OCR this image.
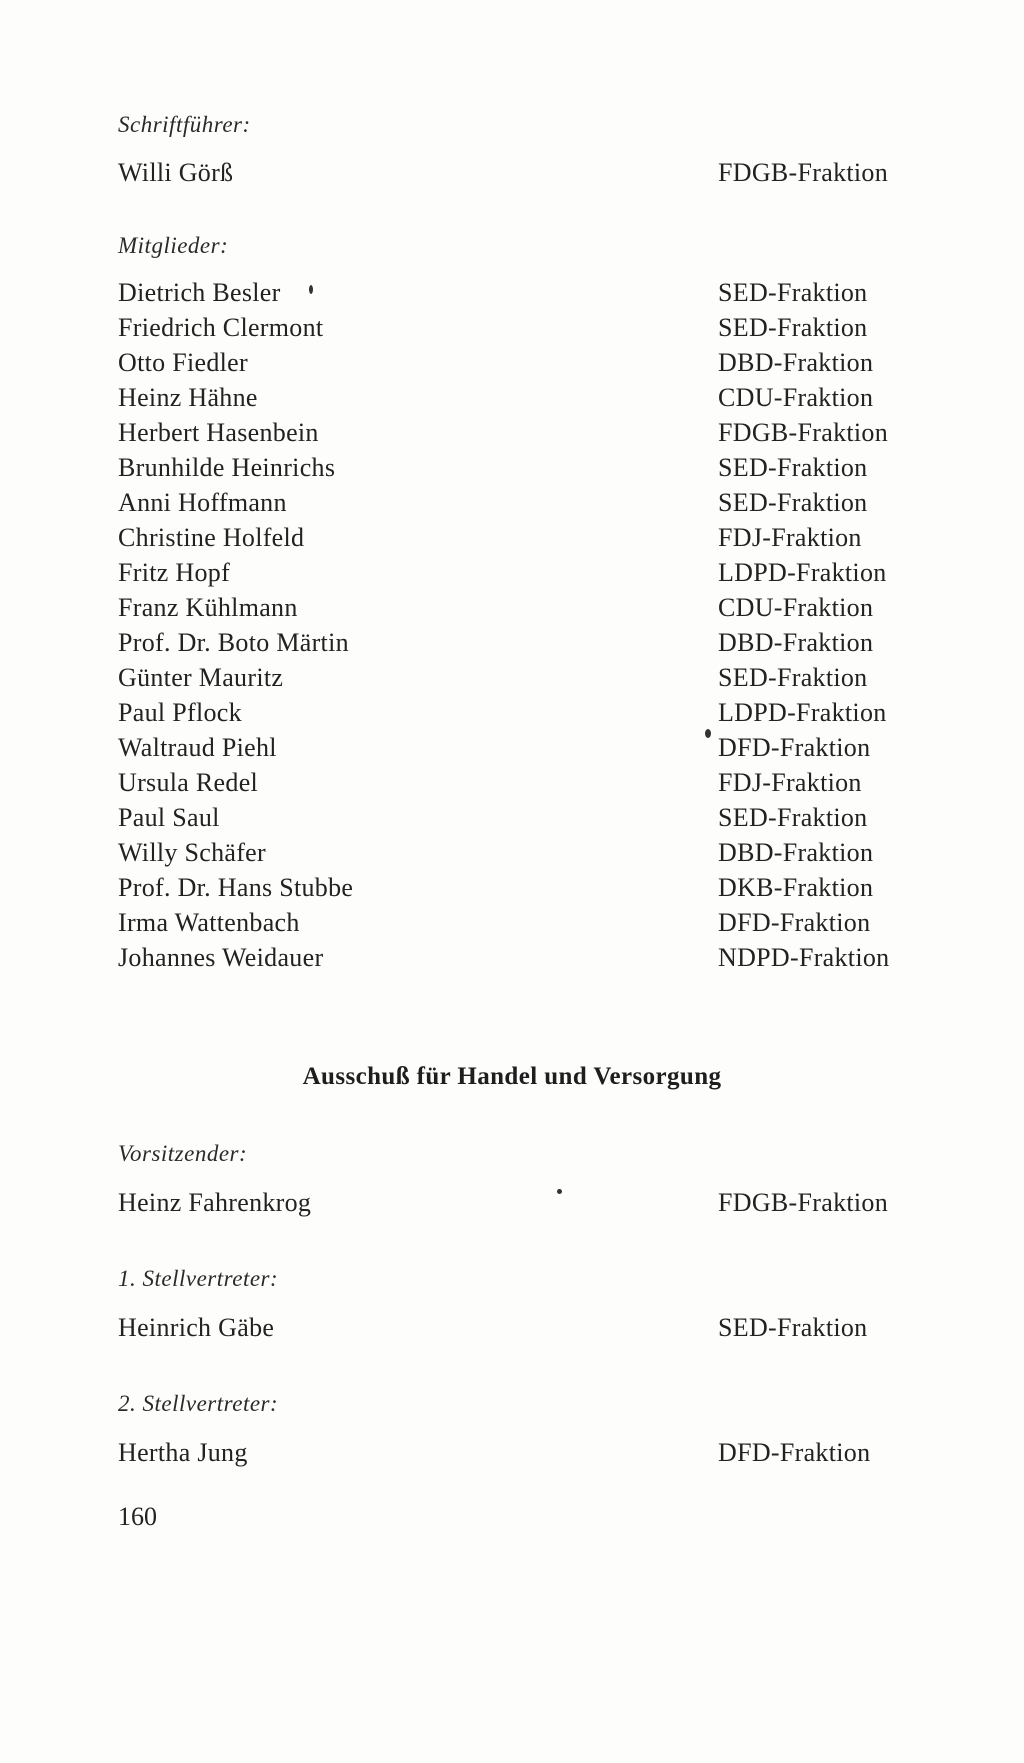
Schriftführer:
Willi Görß	FDGB-Fraktion
Mitglieder:
Dietrich Besler	SED-Fraktion
Friedrich Clermont	SED-Fraktion
Otto Fiedler	DBD-Fraktion
Heinz Hähne	CDU-Fraktion
Herbert Hasenbein	FDGB-Fraktion
Brunhilde Heinrichs	SED-Fraktion
Anni Hoffmann	SED-Fraktion
Christine Holfeld	FDJ-Fraktion
Fritz Hopf	LDPD-Fraktion
Franz Kühlmann	CDU-Fraktion
Prof. Dr. Boto Märtin	DBD-Fraktion
Günter Mauritz	SED-Fraktion
Paul Pflock	LDPD-Fraktion
Waltraud Piehl	DFD-Fraktion
Ursula Redel	FDJ-Fraktion
Paul Saul	SED-Fraktion
Willy Schäfer	DBD-Fraktion
Prof. Dr. Hans Stubbe	DKB-Fraktion
Irma Wattenbach	DFD-Fraktion
Johannes Weidauer	NDPD-Fraktion
Ausschuß für Handel und Versorgung
Vorsitzender:
Heinz Fahrenkrog	FDGB-Fraktion
1. Stellvertreter:
Heinrich Gäbe	SED-Fraktion
2. Stellvertreter:
Hertha Jung	DFD-Fraktion
160
